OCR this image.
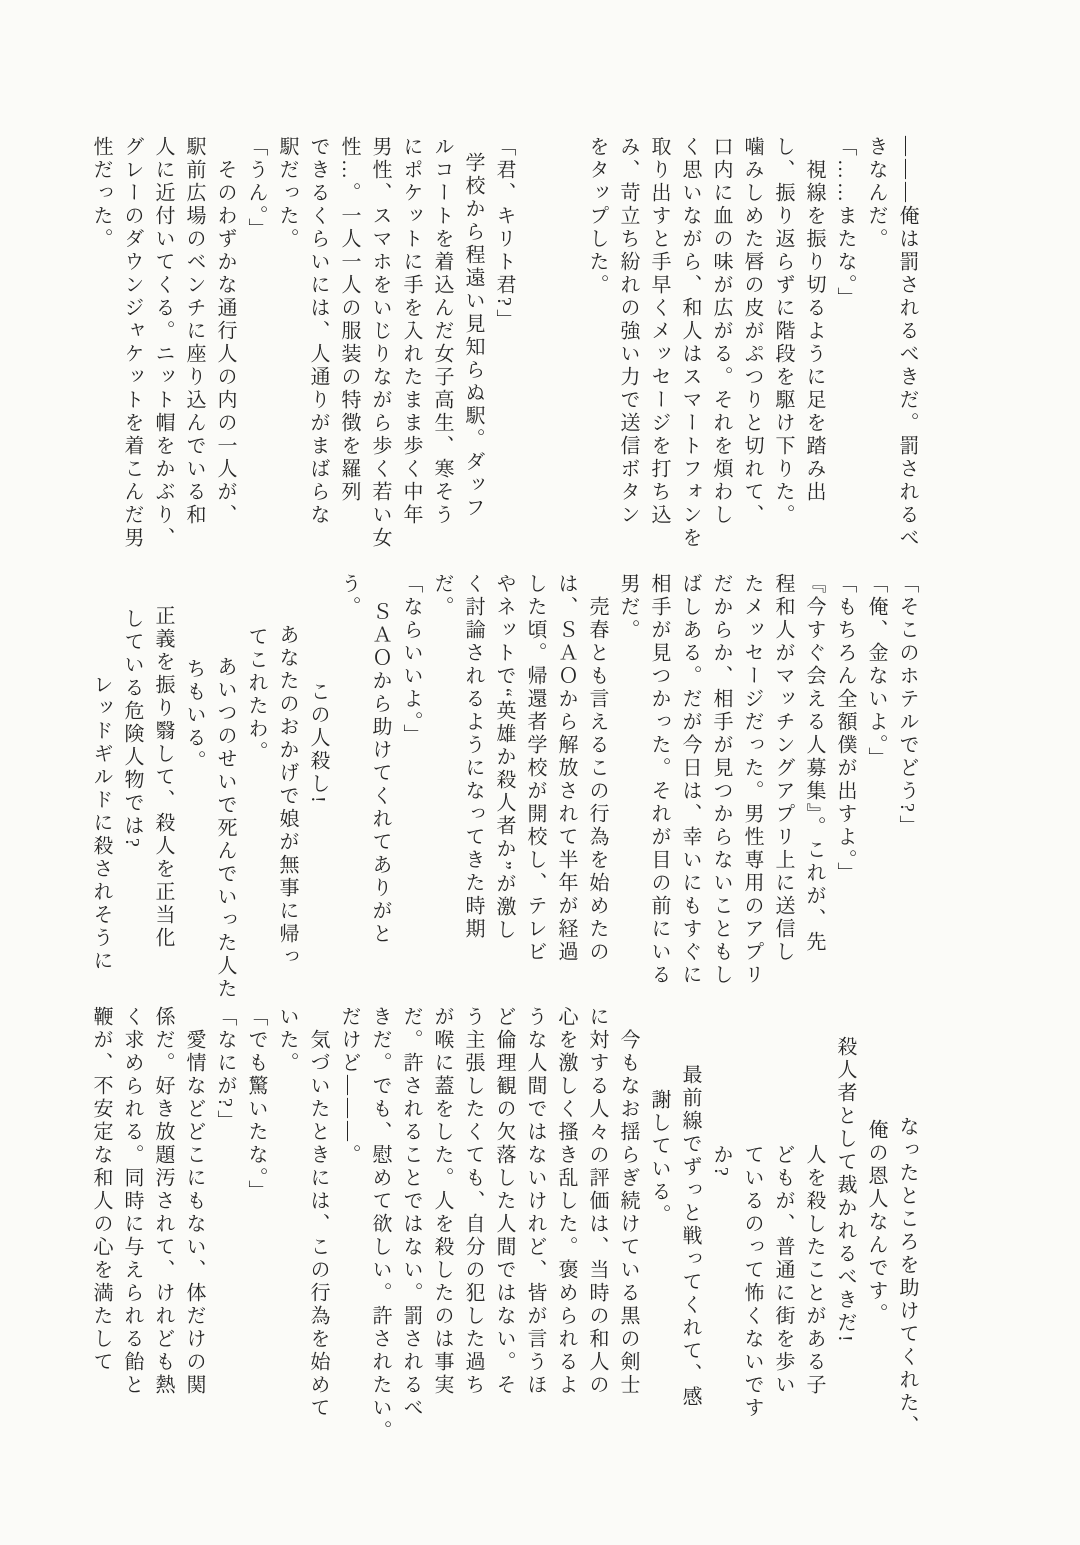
―――俺は罰されるべきだ。罰されるべ
きなんだ。
「……またな。」
視線を振り切るように足を踏み出
し、振り返らずに階段を駆け下りた。
噛みしめた唇の皮がぷつりと切れて、
口内に血の味が広がる。それを煩わし
く思いながら、和人はスマートフォンを
取り出すと手早くメッセージを打ち込
み、苛立ち紛れの強い力で送信ボタン
をタップした。
「君、キリト君?」
学校から程遠い見知らぬ駅。ダッフ
ルコートを着込んだ女子高生、寒そう
にポケットに手を入れたまま歩く中年
男性、スマホをいじりながら歩く若い女
性…。一人一人の服装の特徴を羅列
できるくらいには、人通りがまばらな
駅だった。
「うん。」
そのわずかな通行人の内の一人が、
駅前広場のベンチに座り込んでいる和
人に近付いてくる。ニット帽をかぶり、
グレーのダウンジャケットを着こんだ男
性だった。
「そこのホテルでどう?」
「俺、金ないよ。」
「もちろん全額僕が出すよ。」
『今すぐ会える人募集』。これが、先
程和人がマッチングアプリ上に送信し
たメッセージだった。男性専用のアプリ
だからか、相手が見つからないこともし
ばしある。だが今日は、幸いにもすぐに
相手が見つかった。それが目の前にいる
男だ。
売春とも言えるこの行為を始めたの
は、ＳＡＯから解放されて半年が経過
した頃。帰還者学校が開校し、テレビ
やネットで“英雄か殺人者か”が激し
く討論されるようになってきた時期
だ。
「ならいいよ。」
ＳＡＯから助けてくれてありがと
う。
この人殺し!
あなたのおかげで娘が無事に帰っ
てこれたわ。
あいつのせいで死んでいった人た
ちもいる。
正義を振り翳して、殺人を正当化
している危険人物では?
レッドギルドに殺されそうに
なったところを助けてくれた、
俺の恩人なんです。
殺人者として裁かれるべきだ!
人を殺したことがある子
どもが、普通に街を歩い
ているのって怖くないです
か?
最前線でずっと戦ってくれて、感
謝している。
今もなお揺らぎ続けている黒の剣士
に対する人々の評価は、当時の和人の
心を激しく搔き乱した。褒められるよ
うな人間ではないけれど、皆が言うほ
ど倫理観の欠落した人間ではない。そ
う主張したくても、自分の犯した過ち
が喉に蓋をした。人を殺したのは事実
だ。許されることではない。罰されるべ
きだ。でも、慰めて欲しい。許されたい。
だけど―――。
気づいたときには、この行為を始めて
いた。
「でも驚いたな。」
「なにが?」
愛情などどこにもない、体だけの関
係だ。好き放題汚されて、けれども熱
く求められる。同時に与えられる飴と
鞭が、不安定な和人の心を満たして
